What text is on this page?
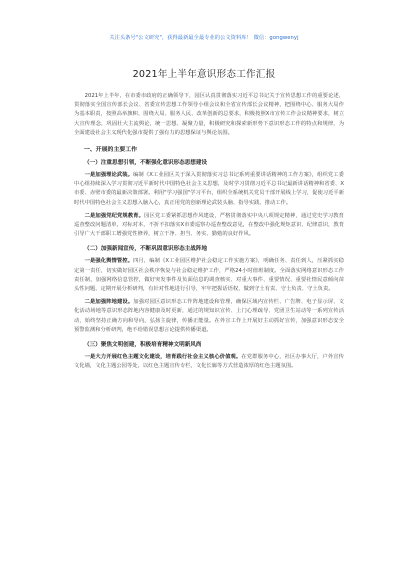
关注头条号"公文研究"，获得最新最全最专业的公文资料库！ 微信：gongwenyj
2021年上半年意识形态工作汇报

2021年上半年，在市委市政府的正确领导下，园区认真贯彻落实习近平总书记关于宣传思想工作的重要论述，贯彻落实全国宣传部长会议、省委宣传思想工作领导小组会议和全省宣传部长会议精神，把围绕中心、服务大局作为基本职责，按照高举旗帜、围绕大局、服务人民、改革创新的总要求，积极按照X市宣传工作会议精神要求，树立大宣传理念，巩固壮大主流舆论，统一思想、凝聚力量，积极研究和探索新形势下意识形态工作的特点和规律，为全面建设社会主义现代化强市提供了强有力的思想保证与舆论氛围。

一、开展的主要工作
（一）注重思想引领，不断强化意识形态思想建设

一是加强理论武装。编制《X工业园区关于深入贯彻落实习总书记系列重要讲话精神的工作方案》，组织党工委中心组持续深入学习贯彻习近平新时代中国特色社会主义思想，及时学习贯彻习近平总书记最新讲话精神和省委、X市委、赤壁市委的最新决策部署。利用"学习强国"学习平台，组织全系统机关党员干部开展线上学习，促使习近平新时代中国特色社会主义思想入脑入心，真正用党的创新理论武装头脑、指导实践、推动工作。

二是加强党纪党规教育。园区党工委紧抓思想作风建设，严格贯彻落实中央八项规定精神，通过党史学习教育巡查整改问题清单，对标对本，不折不扣落实X市委巡察办巡查整改意见，在整改中强化规矩意识、纪律意识，教育引导广大干部职工增强党性修养，树立干净、担当、务实、勤勉的良好作风。

（二）加强新闻宣传，不断巩固意识形态主战阵地

一是强化舆情管控。四月，编制《X工业园区维护社会稳定工作实施方案》，明确任务、责任到人，压紧抓实稳定第一责任，切实做好园区社会秩序恢复与社会稳定维护工作，严格24小时值班制度。全面落实网络意识形态工作责任制，加强网络信息管控，做好突发事件及负面信息的调查核实、对重大事件、重要情况、重要社情民意倾向苗头性问题，定期开展分析研判，有针对性地进行引导，牢牢把握话语权，做到守土有责、守土负责、守土负责。

二是加强阵地建设。加强对园区意识形态工作阵地建设和管理，确保区域内宣传栏、广告牌、电子显示屏、文化活动场地等意识形态阵地内容健康及时更新，通过的规知识宣传、上门心理疏导、党团卫生站动等一系列宣传活动，始终坚持正确方向和导向，弘扬主旋律，传播正能量。在外宣工作上开展好主动抓好宣传，加强意识形态安全预警监测和分析研判，绝不给错误思想言论提供传播渠道。

（三）聚焦文明创建，积极培育精神文明新风尚

一是大力开展红色主题文化建设，培育践行社会主义核心价值观。在党群服务中心，社区办事大厅，户外宣传文化墙，文化主题公园等处，以红色主题宣传专栏，文化长廊等方式营造浓厚的红色主题氛围。
